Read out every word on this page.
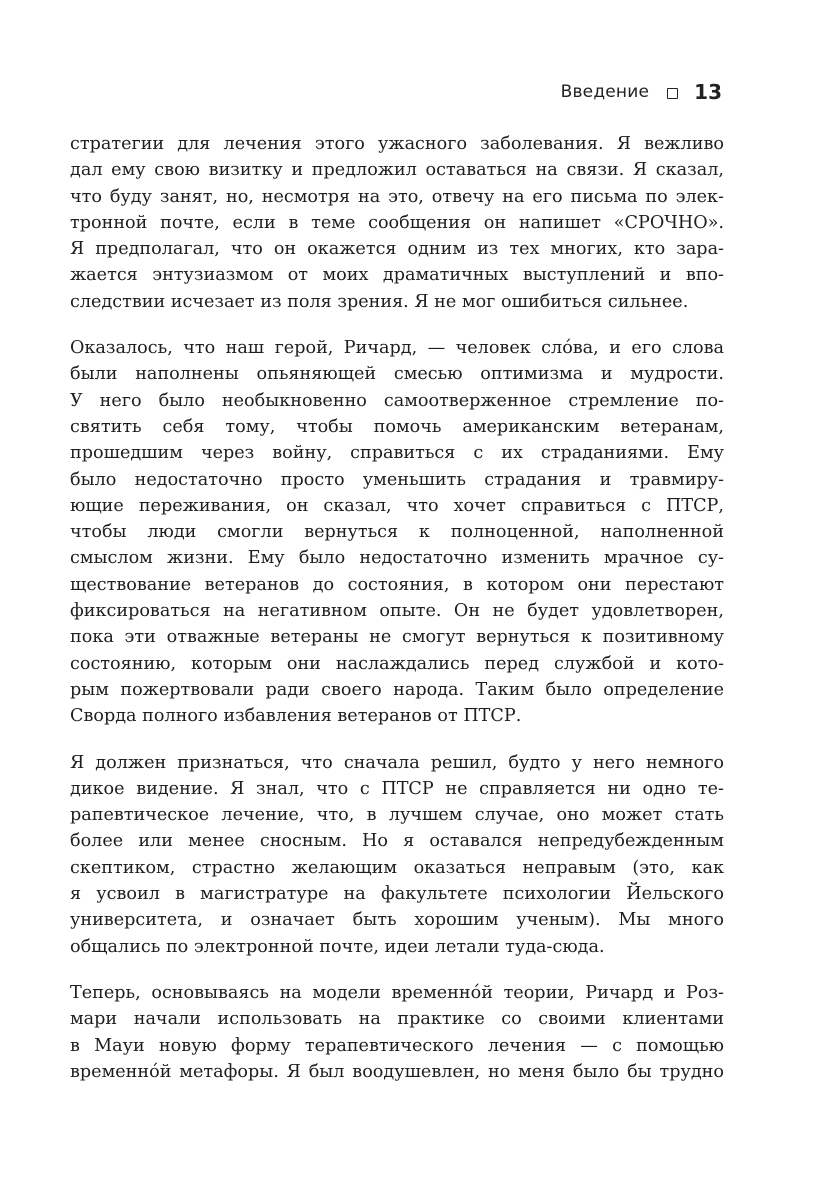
Введение 13
стратегии для лечения этого ужасного заболевания. Я вежливо
дал ему свою визитку и предложил оставаться на связи. Я сказал,
что буду занят, но, несмотря на это, отвечу на его письма по элек-
тронной почте, если в теме сообщения он напишет «СРОЧНО».
Я предполагал, что он окажется одним из тех многих, кто зара-
жается энтузиазмом от моих драматичных выступлений и впо-
следствии исчезает из поля зрения. Я не мог ошибиться сильнее.
Оказалось, что наш герой, Ричард, — человек сло́ва, и его слова
были наполнены опьяняющей смесью оптимизма и мудрости.
У него было необыкновенно самоотверженное стремление по-
святить себя тому, чтобы помочь американским ветеранам,
прошедшим через войну, справиться с их страданиями. Ему
было недостаточно просто уменьшить страдания и травмиру-
ющие переживания, он сказал, что хочет справиться с ПТСР,
чтобы люди смогли вернуться к полноценной, наполненной
смыслом жизни. Ему было недостаточно изменить мрачное су-
ществование ветеранов до состояния, в котором они перестают
фиксироваться на негативном опыте. Он не будет удовлетворен,
пока эти отважные ветераны не смогут вернуться к позитивному
состоянию, которым они наслаждались перед службой и кото-
рым пожертвовали ради своего народа. Таким было определение
Сворда полного избавления ветеранов от ПТСР.
Я должен признаться, что сначала решил, будто у него немного
дикое видение. Я знал, что с ПТСР не справляется ни одно те-
рапевтическое лечение, что, в лучшем случае, оно может стать
более или менее сносным. Но я оставался непредубежденным
скептиком, страстно желающим оказаться неправым (это, как
я усвоил в магистратуре на факультете психологии Йельского
университета, и означает быть хорошим ученым). Мы много
общались по электронной почте, идеи летали туда-сюда.
Теперь, основываясь на модели временно́й теории, Ричард и Роз-
мари начали использовать на практике со своими клиентами
в Мауи новую форму терапевтического лечения — с помощью
временно́й метафоры. Я был воодушевлен, но меня было бы трудно
